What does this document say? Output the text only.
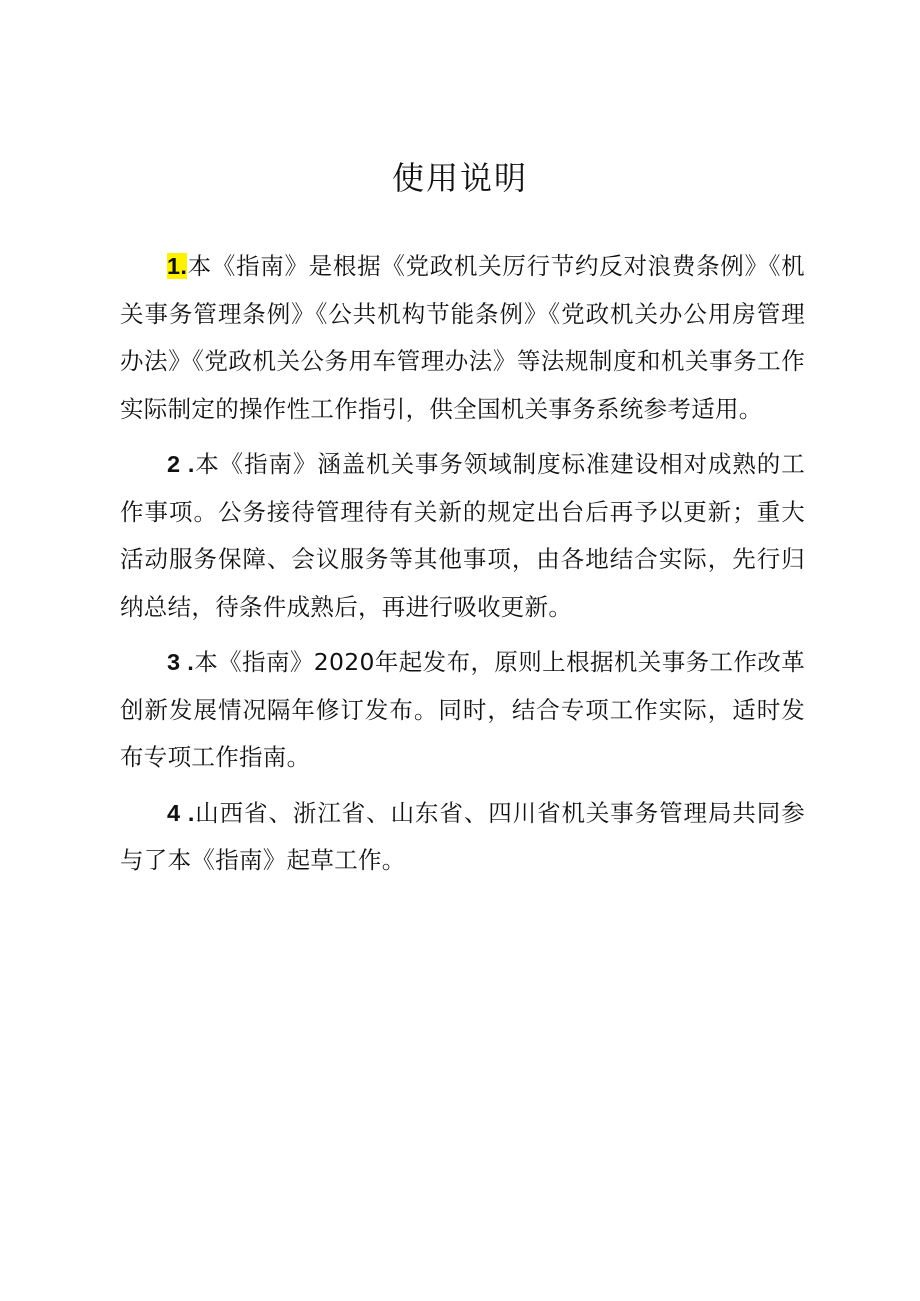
使用说明

1.本《指南》是根据《党政机关厉行节约反对浪费条例》《机关事务管理条例》《公共机构节能条例》《党政机关办公用房管理办法》《党政机关公务用车管理办法》等法规制度和机关事务工作实际制定的操作性工作指引，供全国机关事务系统参考适用。

2 .本《指南》涵盖机关事务领域制度标准建设相对成熟的工作事项。公务接待管理待有关新的规定出台后再予以更新；重大活动服务保障、会议服务等其他事项，由各地结合实际，先行归纳总结，待条件成熟后，再进行吸收更新。

3 .本《指南》2020年起发布，原则上根据机关事务工作改革创新发展情况隔年修订发布。同时，结合专项工作实际，适时发布专项工作指南。

4 .山西省、浙江省、山东省、四川省机关事务管理局共同参与了本《指南》起草工作。
